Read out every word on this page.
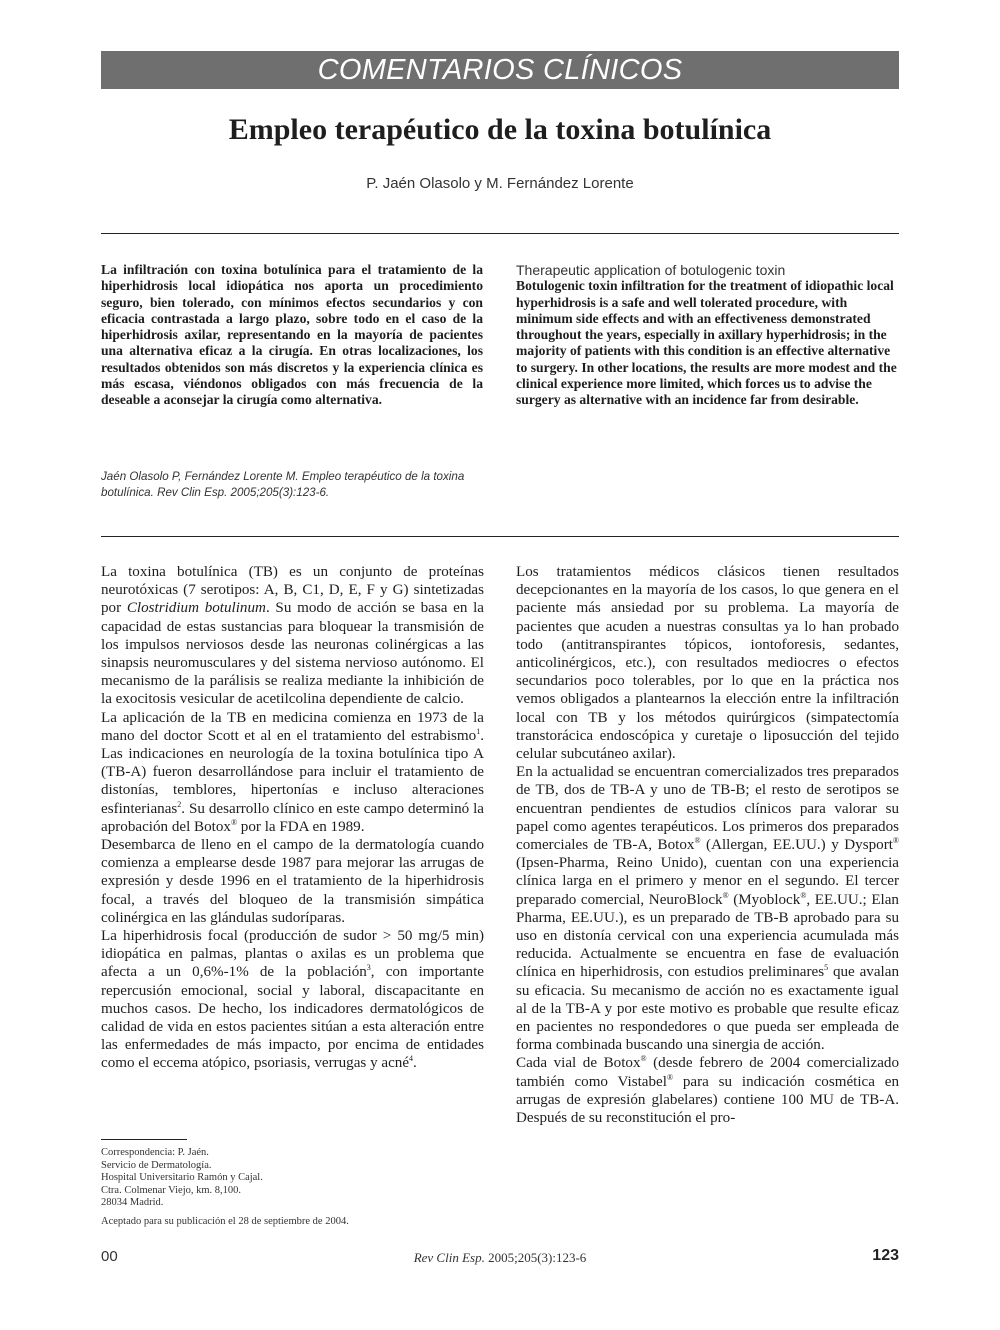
COMENTARIOS CLÍNICOS
Empleo terapéutico de la toxina botulínica
P. Jaén Olasolo y M. Fernández Lorente
La infiltración con toxina botulínica para el tratamiento de la hiperhidrosis local idiopática nos aporta un procedimiento seguro, bien tolerado, con mínimos efectos secundarios y con eficacia contrastada a largo plazo, sobre todo en el caso de la hiperhidrosis axilar, representando en la mayoría de pacientes una alternativa eficaz a la cirugía. En otras localizaciones, los resultados obtenidos son más discretos y la experiencia clínica es más escasa, viéndonos obligados con más frecuencia de la deseable a aconsejar la cirugía como alternativa.
Jaén Olasolo P, Fernández Lorente M. Empleo terapéutico de la toxina botulínica. Rev Clin Esp. 2005;205(3):123-6.
Therapeutic application of botulogenic toxin
Botulogenic toxin infiltration for the treatment of idiopathic local hyperhidrosis is a safe and well tolerated procedure, with minimum side effects and with an effectiveness demonstrated throughout the years, especially in axillary hyperhidrosis; in the majority of patients with this condition is an effective alternative to surgery. In other locations, the results are more modest and the clinical experience more limited, which forces us to advise the surgery as alternative with an incidence far from desirable.

La toxina botulínica (TB) es un conjunto de proteínas neurotóxicas (7 serotipos: A, B, C1, D, E, F y G) sintetizadas por Clostridium botulinum. Su modo de acción se basa en la capacidad de estas sustancias para bloquear la transmisión de los impulsos nerviosos desde las neuronas colinérgicas a las sinapsis neuromusculares y del sistema nervioso autónomo. El mecanismo de la parálisis se realiza mediante la inhibición de la exocitosis vesicular de acetilcolina dependiente de calcio.

La aplicación de la TB en medicina comienza en 1973 de la mano del doctor Scott et al en el tratamiento del estrabismo$^1$. Las indicaciones en neurología de la toxina botulínica tipo A (TB-A) fueron desarrollándose para incluir el tratamiento de distonías, temblores, hipertonías e incluso alteraciones esfinterianas$^2$. Su desarrollo clínico en este campo determinó la aprobación del Botox® por la FDA en 1989.

Desembarca de lleno en el campo de la dermatología cuando comienza a emplearse desde 1987 para mejorar las arrugas de expresión y desde 1996 en el tratamiento de la hiperhidrosis focal, a través del bloqueo de la transmisión simpática colinérgica en las glándulas sudoríparas.

La hiperhidrosis focal (producción de sudor > 50 mg/5 min) idiopática en palmas, plantas o axilas es un problema que afecta a un 0,6%-1% de la población$^3$, con importante repercusión emocional, social y laboral, discapacitante en muchos casos. De hecho, los indicadores dermatológicos de calidad de vida en estos pacientes sitúan a esta alteración entre las enfermedades de más impacto, por encima de entidades como el eccema atópico, psoriasis, verrugas y acné$^4$.

Los tratamientos médicos clásicos tienen resultados decepcionantes en la mayoría de los casos, lo que genera en el paciente más ansiedad por su problema. La mayoría de pacientes que acuden a nuestras consultas ya lo han probado todo (antitranspirantes tópicos, iontoforesis, sedantes, anticolinérgicos, etc.), con resultados mediocres o efectos secundarios poco tolerables, por lo que en la práctica nos vemos obligados a plantearnos la elección entre la infiltración local con TB y los métodos quirúrgicos (simpatectomía transtorácica endoscópica y curetaje o liposucción del tejido celular subcutáneo axilar).

En la actualidad se encuentran comercializados tres preparados de TB, dos de TB-A y uno de TB-B; el resto de serotipos se encuentran pendientes de estudios clínicos para valorar su papel como agentes terapéuticos. Los primeros dos preparados comerciales de TB-A, Botox® (Allergan, EE.UU.) y Dysport® (Ipsen-Pharma, Reino Unido), cuentan con una experiencia clínica larga en el primero y menor en el segundo. El tercer preparado comercial, NeuroBlock® (Myoblock®, EE.UU.; Elan Pharma, EE.UU.), es un preparado de TB-B aprobado para su uso en distonía cervical con una experiencia acumulada más reducida. Actualmente se encuentra en fase de evaluación clínica en hiperhidrosis, con estudios preliminares$^5$ que avalan su eficacia. Su mecanismo de acción no es exactamente igual al de la TB-A y por este motivo es probable que resulte eficaz en pacientes no respondedores o que pueda ser empleada de forma combinada buscando una sinergia de acción.

Cada vial de Botox® (desde febrero de 2004 comercializado también como Vistabel® para su indicación cosmética en arrugas de expresión glabelares) contiene 100 MU de TB-A. Después de su reconstitución el pro-

Correspondencia: P. Jaén.
Servicio de Dermatología.
Hospital Universitario Ramón y Cajal.
Ctra. Colmenar Viejo, km. 8,100.
28034 Madrid.
Aceptado para su publicación el 28 de septiembre de 2004.
00	Rev Clin Esp. 2005;205(3):123-6	123
